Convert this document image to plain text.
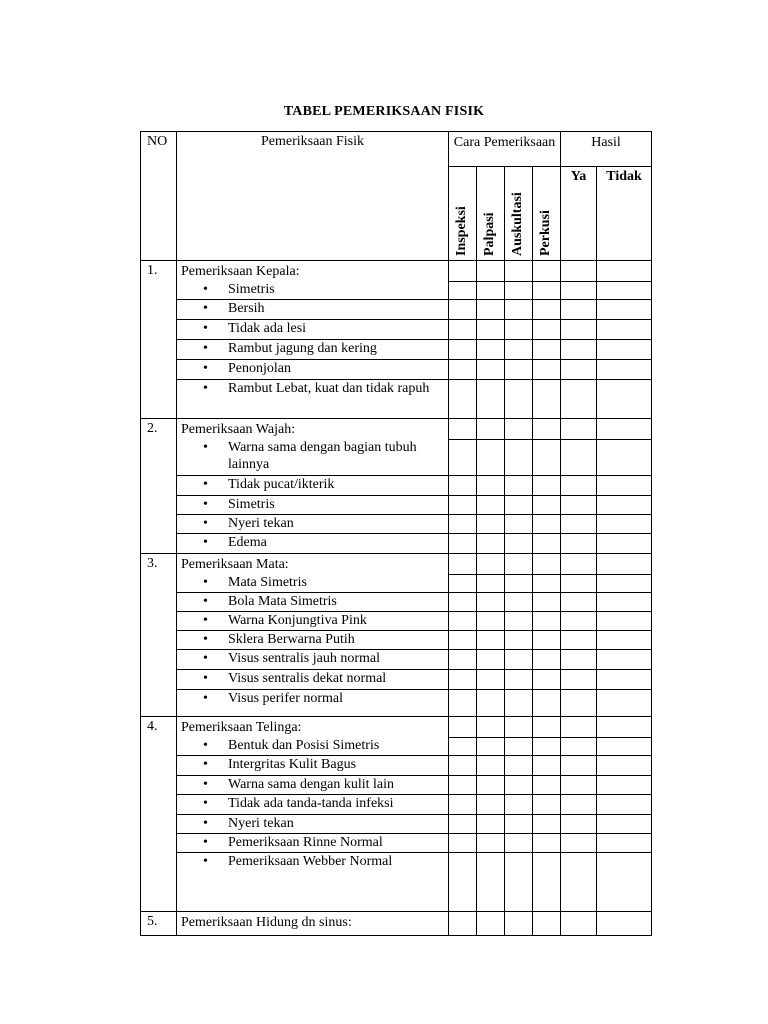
TABEL PEMERIKSAAN FISIK
NO	Pemeriksaan Fisik	Cara Pemeriksaan				Hasil	

		Inspeksi	Palpasi	Auskultasi	Perkusi	Ya	Tidak
1.	Pemeriksaan Kepala:						

	• Simetris						

	• Bersih						

	• Tidak ada lesi						

	• Rambut jagung dan kering						

	• Penonjolan						

	• Rambut Lebat, kuat dan tidak rapuh						

2.	Pemeriksaan Wajah:						

	• Warna sama dengan bagian tubuh lainnya						

	• Tidak pucat/ikterik						

	• Simetris						

	• Nyeri tekan						

	• Edema						

3.	Pemeriksaan Mata:						

	• Mata Simetris						

	• Bola Mata Simetris						

	• Warna Konjungtiva Pink						

	• Sklera Berwarna Putih						

	• Visus sentralis jauh normal						

	• Visus sentralis dekat normal						

	• Visus perifer normal						

4.	Pemeriksaan Telinga:						

	• Bentuk dan Posisi Simetris						

	• Intergritas Kulit Bagus						

	• Warna sama dengan kulit lain						

	• Tidak ada tanda-tanda infeksi						

	• Nyeri tekan						

	• Pemeriksaan Rinne Normal						

	• Pemeriksaan Webber Normal						

5.	Pemeriksaan Hidung dn sinus:						
